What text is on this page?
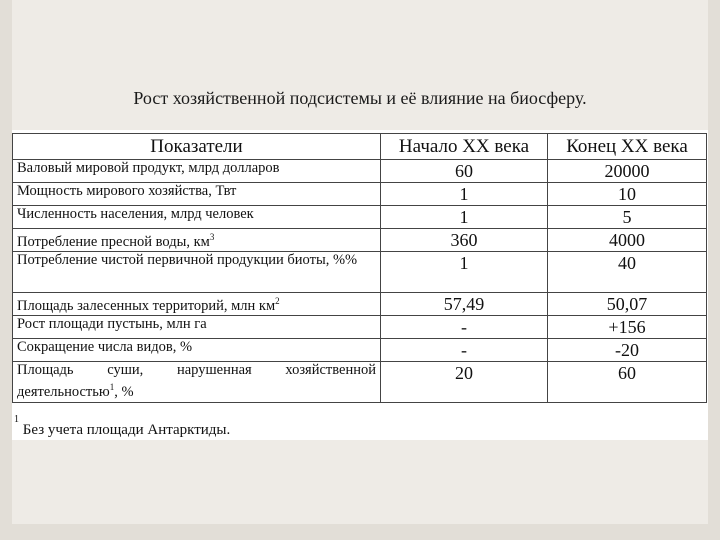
Рост хозяйственной подсистемы и её влияние на биосферу.
Показатели	Начало XX века	Конец XX века
Валовый мировой продукт, млрд долларов	60	20000
Мощность мирового хозяйства, Твт	1	10
Численность населения, млрд человек	1	5
Потребление пресной воды, $км^3$	360	4000
Потребление чистой первичной продукции биоты, %%	1	40
Площадь залесенных территорий, млн $км^2$	57,49	50,07
Рост площади пустынь, млн га	-	+156
Сокращение числа видов, %	-	-20
Площадь суши, нарушенная хозяйственной деятельностью$^1$, %	20	60
$^1$ Без учета площади Антарктиды.
